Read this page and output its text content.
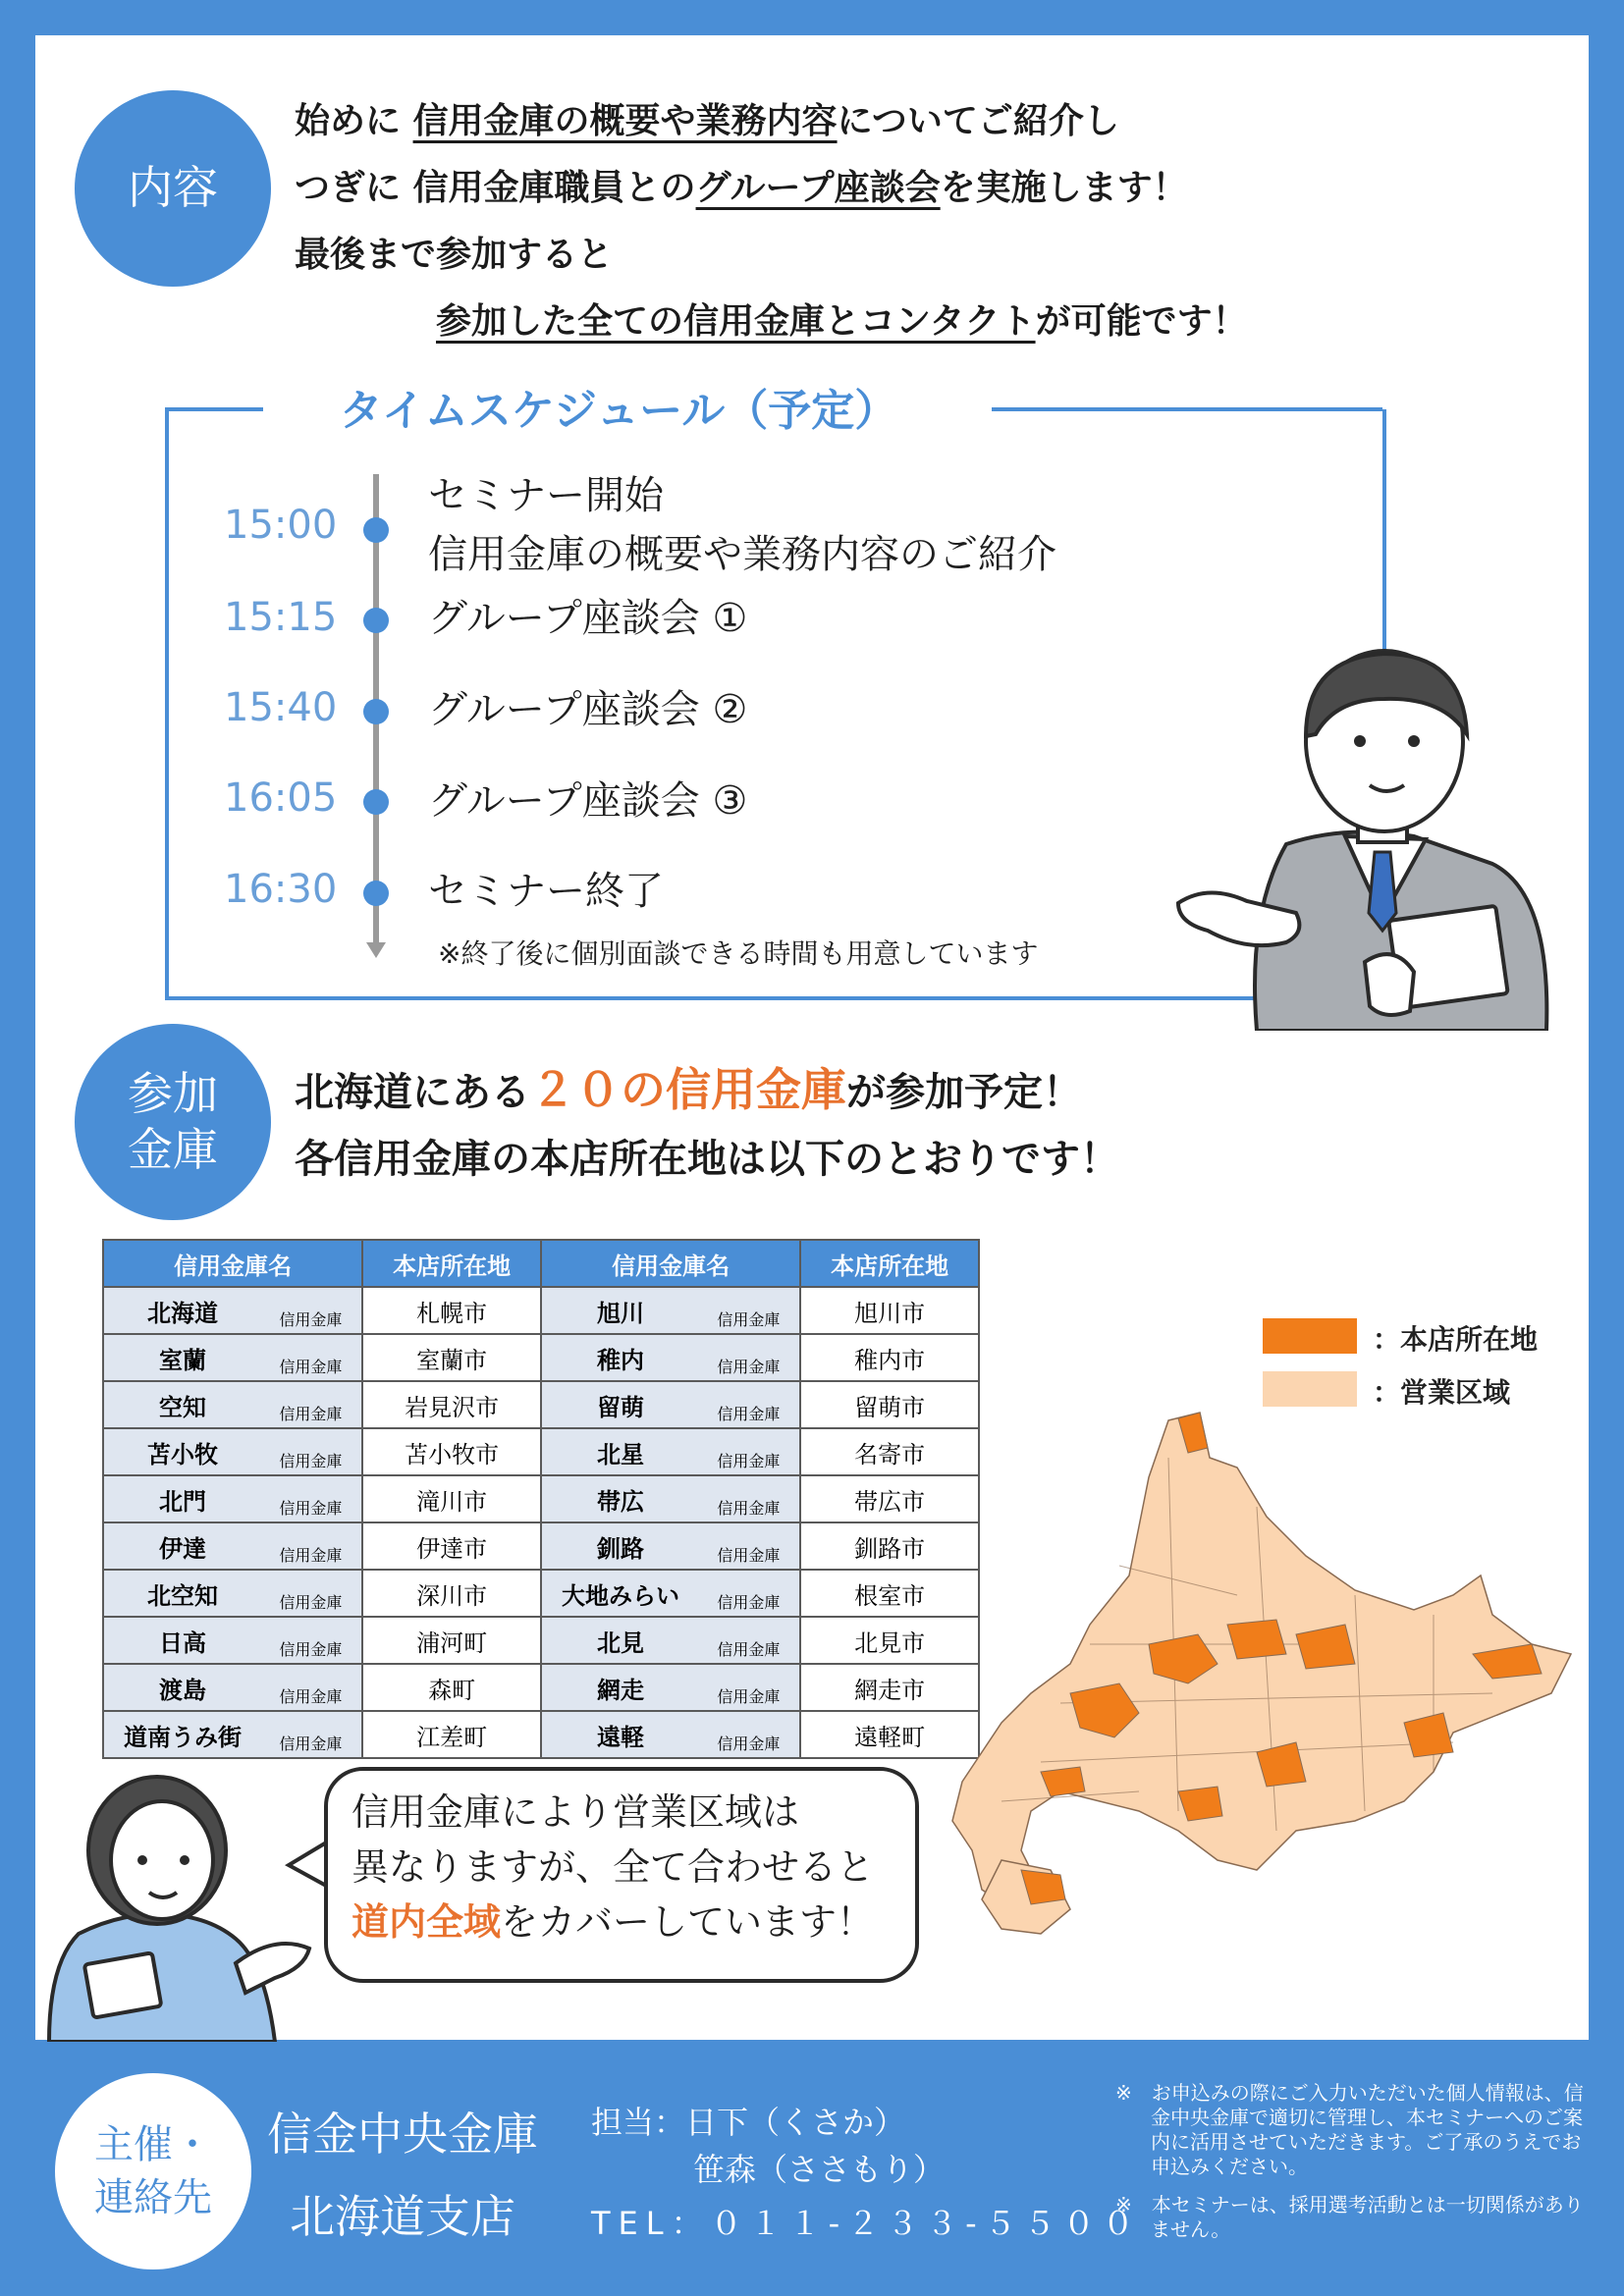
内容
始めに 信用金庫の概要や業務内容についてご紹介し
つぎに 信用金庫職員とのグループ座談会を実施します！
最後まで参加すると
参加した全ての信用金庫とコンタクトが可能です！
タイムスケジュール（予定）
15:00
セミナー開始
信用金庫の概要や業務内容のご紹介
15:15 グループ座談会 ①
15:40 グループ座談会 ②
16:05 グループ座談会 ③
16:30 セミナー終了
※終了後に個別面談できる時間も用意しています
参加
金庫
北海道にある２０の信用金庫が参加予定！
各信用金庫の本店所在地は以下のとおりです！
信用金庫名	本店所在地	信用金庫名	本店所在地

北海道 信用金庫	札幌市	旭川 信用金庫	旭川市

室蘭 信用金庫	室蘭市	稚内 信用金庫	稚内市

空知 信用金庫	岩見沢市	留萌 信用金庫	留萌市

苫小牧 信用金庫	苫小牧市	北星 信用金庫	名寄市

北門 信用金庫	滝川市	帯広 信用金庫	帯広市

伊達 信用金庫	伊達市	釧路 信用金庫	釧路市

北空知 信用金庫	深川市	大地みらい 信用金庫	根室市

日高 信用金庫	浦河町	北見 信用金庫	北見市

渡島 信用金庫	森町	網走 信用金庫	網走市

道南うみ街 信用金庫	江差町	遠軽 信用金庫	遠軽町
：本店所在地
：営業区域
信用金庫により営業区域は
異なりますが、全て合わせると
道内全域をカバーしています！
主催・
連絡先
信金中央金庫
北海道支店
担当：日下（くさか）
笹森（ささもり）
TEL：０１１-２３３-５５００
※　お申込みの際にご入力いただいた個人情報は、信金中央金庫で適切に管理し、本セミナーへのご案内に活用させていただきます。ご了承のうえでお申込みください。
※　本セミナーは、採用選考活動とは一切関係がありません。
